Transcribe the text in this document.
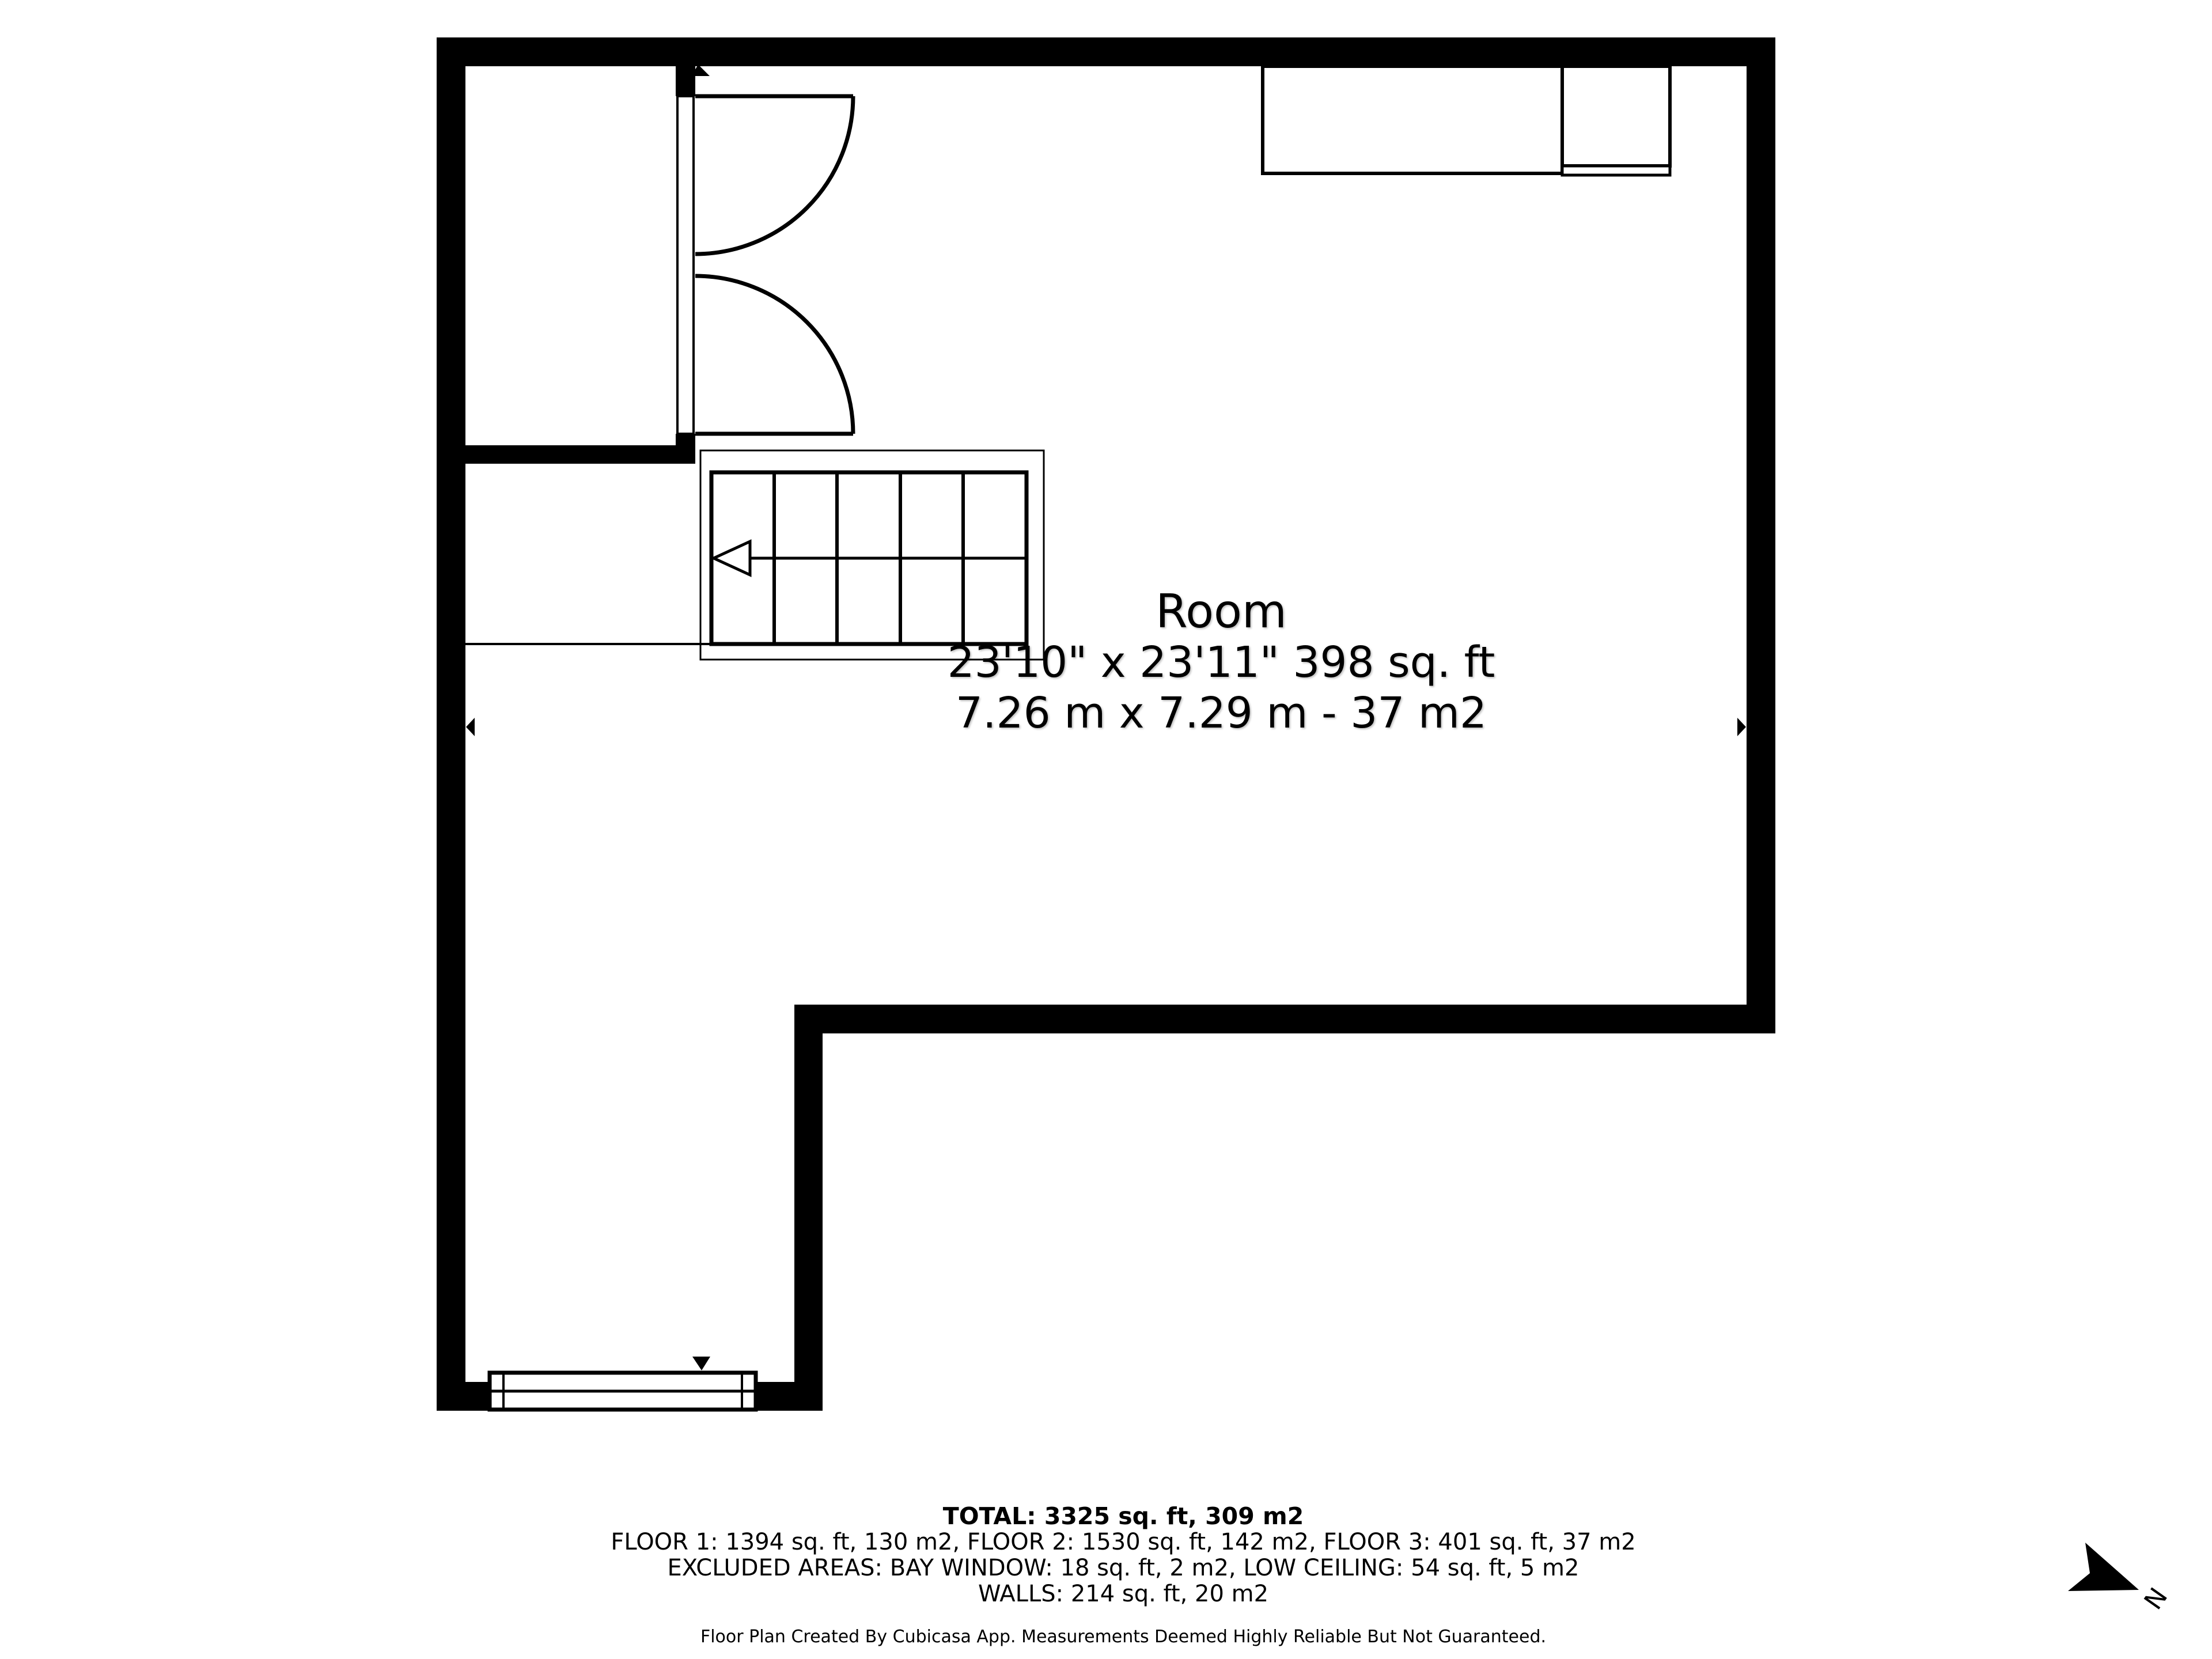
N
Room
23'10" x 23'11" 398 sq. ft
7.26 m x 7.29 m - 37 m2
TOTAL: 3325 sq. ft, 309 m2
FLOOR 1: 1394 sq. ft, 130 m2, FLOOR 2: 1530 sq. ft, 142 m2, FLOOR 3: 401 sq. ft, 37 m2
EXCLUDED AREAS: BAY WINDOW: 18 sq. ft, 2 m2, LOW CEILING: 54 sq. ft, 5 m2
WALLS: 214 sq. ft, 20 m2
Floor Plan Created By Cubicasa App. Measurements Deemed Highly Reliable But Not Guaranteed.
